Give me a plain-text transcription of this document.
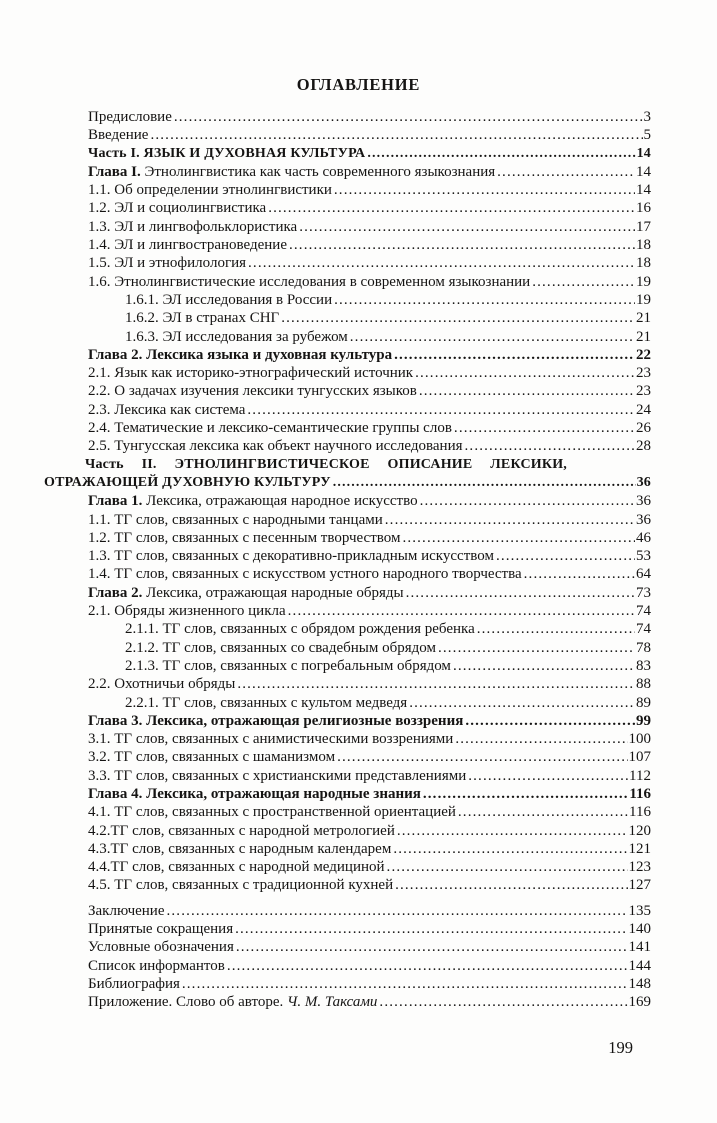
ОГЛАВЛЕНИЕ
Предисловие .....	3
Введение .....	5
Часть I. ЯЗЫК И ДУХОВНАЯ КУЛЬТУРА .....	14
Глава I. Этнолингвистика как часть современного языкознания .....	14
1.1. Об определении этнолингвистики .....	14
1.2. ЭЛ и социолингвистика .....	16
1.3. ЭЛ и лингвофольклористика .....	17
1.4. ЭЛ и лингвострановедение .....	18
1.5. ЭЛ и этнофилология .....	18
1.6. Этнолингвистические исследования в современном языкознании .....	19
1.6.1. ЭЛ исследования в России .....	19
1.6.2. ЭЛ в странах СНГ .....	21
1.6.3. ЭЛ исследования за рубежом .....	21
Глава 2. Лексика языка и духовная культура .....	22
2.1. Язык как историко-этнографический источник .....	23
2.2. О задачах изучения лексики тунгусских языков .....	23
2.3. Лексика как система .....	24
2.4. Тематические и лексико-семантические группы слов .....	26
2.5. Тунгусская лексика как объект научного исследования .....	28
Часть II. ЭТНОЛИНГВИСТИЧЕСКОЕ ОПИСАНИЕ ЛЕКСИКИ,
ОТРАЖАЮЩЕЙ ДУХОВНУЮ КУЛЬТУРУ .....	36
Глава 1. Лексика, отражающая народное искусство .....	36
1.1. ТГ слов, связанных с народными танцами .....	36
1.2. ТГ слов, связанных с песенным творчеством .....	46
1.3. ТГ слов, связанных с декоративно-прикладным искусством .....	53
1.4. ТГ слов, связанных с искусством устного народного творчества .....	64
Глава 2. Лексика, отражающая народные обряды .....	73
2.1. Обряды жизненного цикла .....	74
2.1.1. ТГ слов, связанных с обрядом рождения ребенка .....	74
2.1.2. ТГ слов, связанных со свадебным обрядом .....	78
2.1.3. ТГ слов, связанных с погребальным обрядом .....	83
2.2. Охотничьи обряды .....	88
2.2.1. ТГ слов, связанных с культом медведя .....	89
Глава 3. Лексика, отражающая религиозные воззрения .....	99
3.1. ТГ слов, связанных с анимистическими воззрениями .....	100
3.2. ТГ слов, связанных с шаманизмом .....	107
3.3. ТГ слов, связанных с христианскими представлениями .....	112
Глава 4. Лексика, отражающая народные знания .....	116
4.1. ТГ слов, связанных с пространственной ориентацией .....	116
4.2.ТГ слов, связанных с народной метрологией .....	120
4.3.ТГ слов, связанных с народным календарем .....	121
4.4.ТГ слов, связанных с народной медициной .....	123
4.5. ТГ слов, связанных с традиционной кухней .....	127
Заключение .....	135
Принятые сокращения .....	140
Условные обозначения .....	141
Список информантов .....	144
Библиография .....	148
Приложение. Слово об авторе. Ч. М. Таксами .....	169
199
